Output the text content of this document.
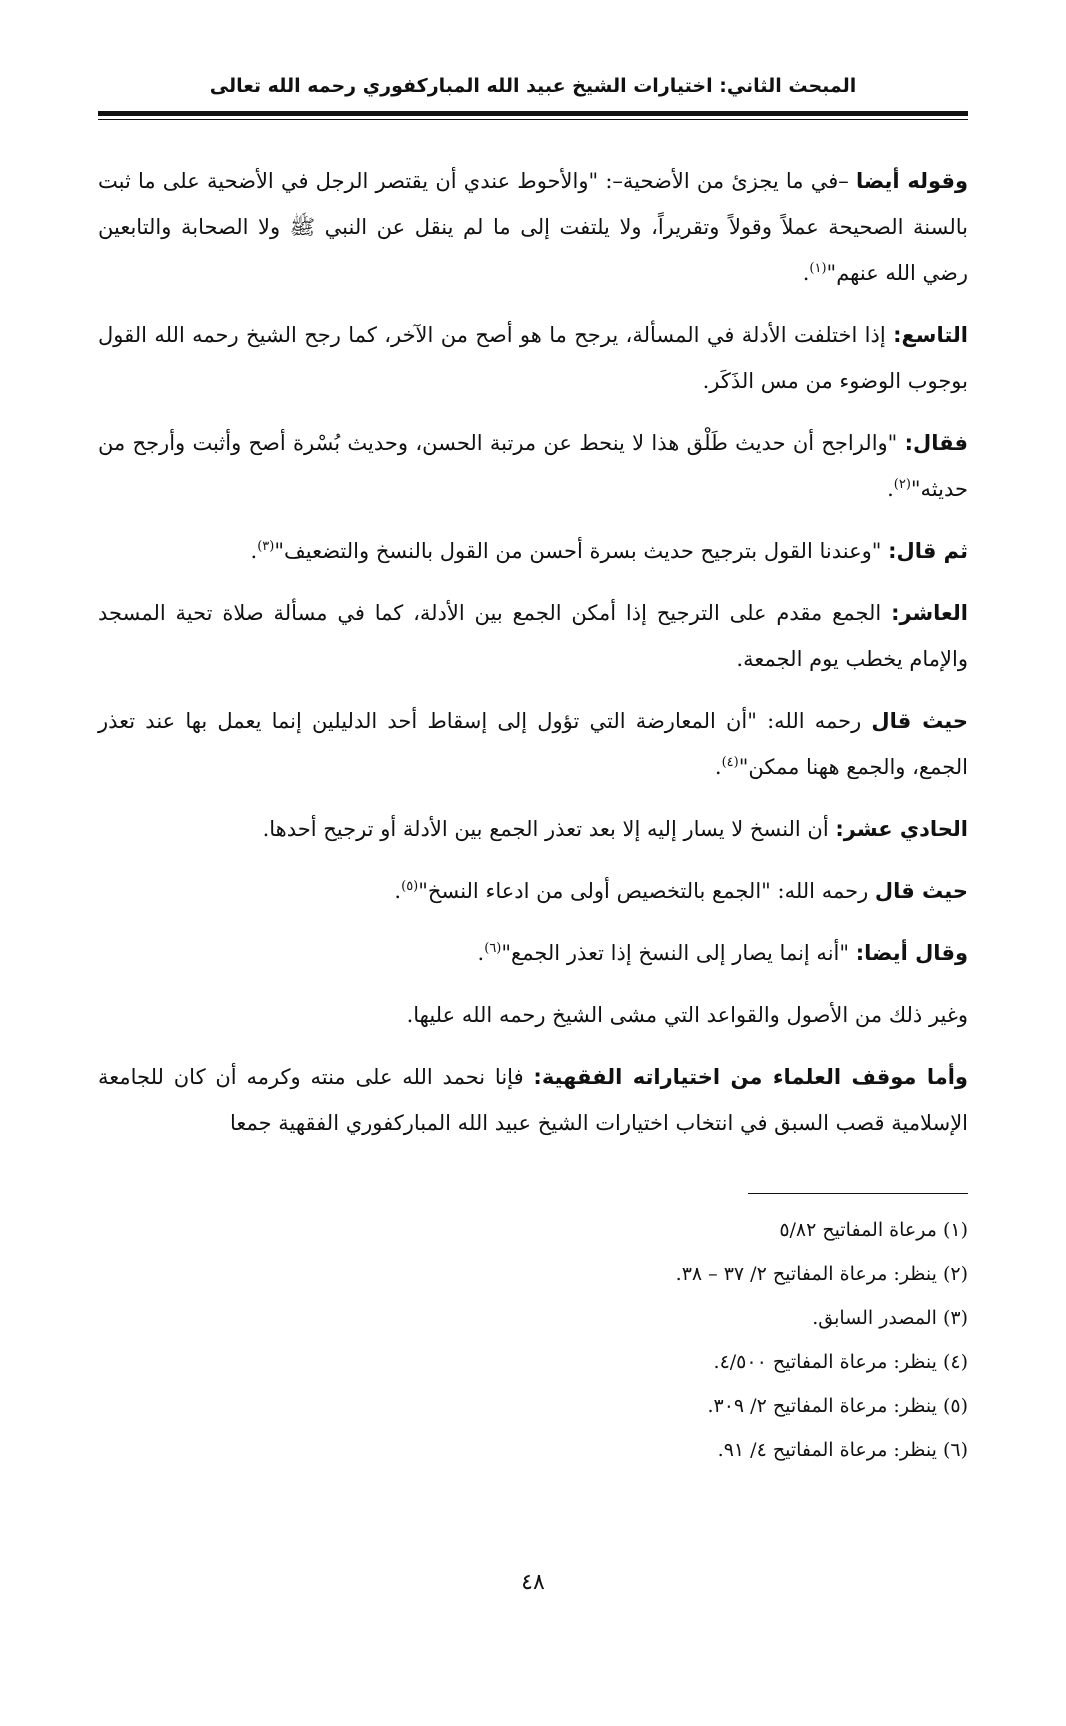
المبحث الثاني: اختيارات الشيخ عبيد الله المباركفوري رحمه الله تعالى

وقوله أيضا –في ما يجزئ من الأضحية–: "والأحوط عندي أن يقتصر الرجل في الأضحية على ما ثبت بالسنة الصحيحة عملاً وقولاً وتقريراً، ولا يلتفت إلى ما لم ينقل عن النبي ﷺ ولا الصحابة والتابعين رضي الله عنهم"$^{(١)}$.

التاسع: إذا اختلفت الأدلة في المسألة، يرجح ما هو أصح من الآخر، كما رجح الشيخ رحمه الله القول بوجوب الوضوء من مس الذَكَر.

فقال: "والراجح أن حديث طَلْق هذا لا ينحط عن مرتبة الحسن، وحديث بُسْرة أصح وأثبت وأرجح من حديثه"$^{(٢)}$.

ثم قال: "وعندنا القول بترجيح حديث بسرة أحسن من القول بالنسخ والتضعيف"$^{(٣)}$.

العاشر: الجمع مقدم على الترجيح إذا أمكن الجمع بين الأدلة، كما في مسألة صلاة تحية المسجد والإمام يخطب يوم الجمعة.

حيث قال رحمه الله: "أن المعارضة التي تؤول إلى إسقاط أحد الدليلين إنما يعمل بها عند تعذر الجمع، والجمع ههنا ممكن"$^{(٤)}$.

الحادي عشر: أن النسخ لا يسار إليه إلا بعد تعذر الجمع بين الأدلة أو ترجيح أحدها.

حيث قال رحمه الله: "الجمع بالتخصيص أولى من ادعاء النسخ"$^{(٥)}$.

وقال أيضا: "أنه إنما يصار إلى النسخ إذا تعذر الجمع"$^{(٦)}$.

وغير ذلك من الأصول والقواعد التي مشى الشيخ رحمه الله عليها.

وأما موقف العلماء من اختياراته الفقهية: فإنا نحمد الله على منته وكرمه أن كان للجامعة الإسلامية قصب السبق في انتخاب اختيارات الشيخ عبيد الله المباركفوري الفقهية جمعا

(١) مرعاة المفاتيح ٥/٨٢

(٢) ينظر: مرعاة المفاتيح ٢/ ٣٧ – ٣٨.

(٣) المصدر السابق.

(٤) ينظر: مرعاة المفاتيح ٤/٥٠٠.

(٥) ينظر: مرعاة المفاتيح ٢/ ٣٠٩.

(٦) ينظر: مرعاة المفاتيح ٤/ ٩١.

٤٨
